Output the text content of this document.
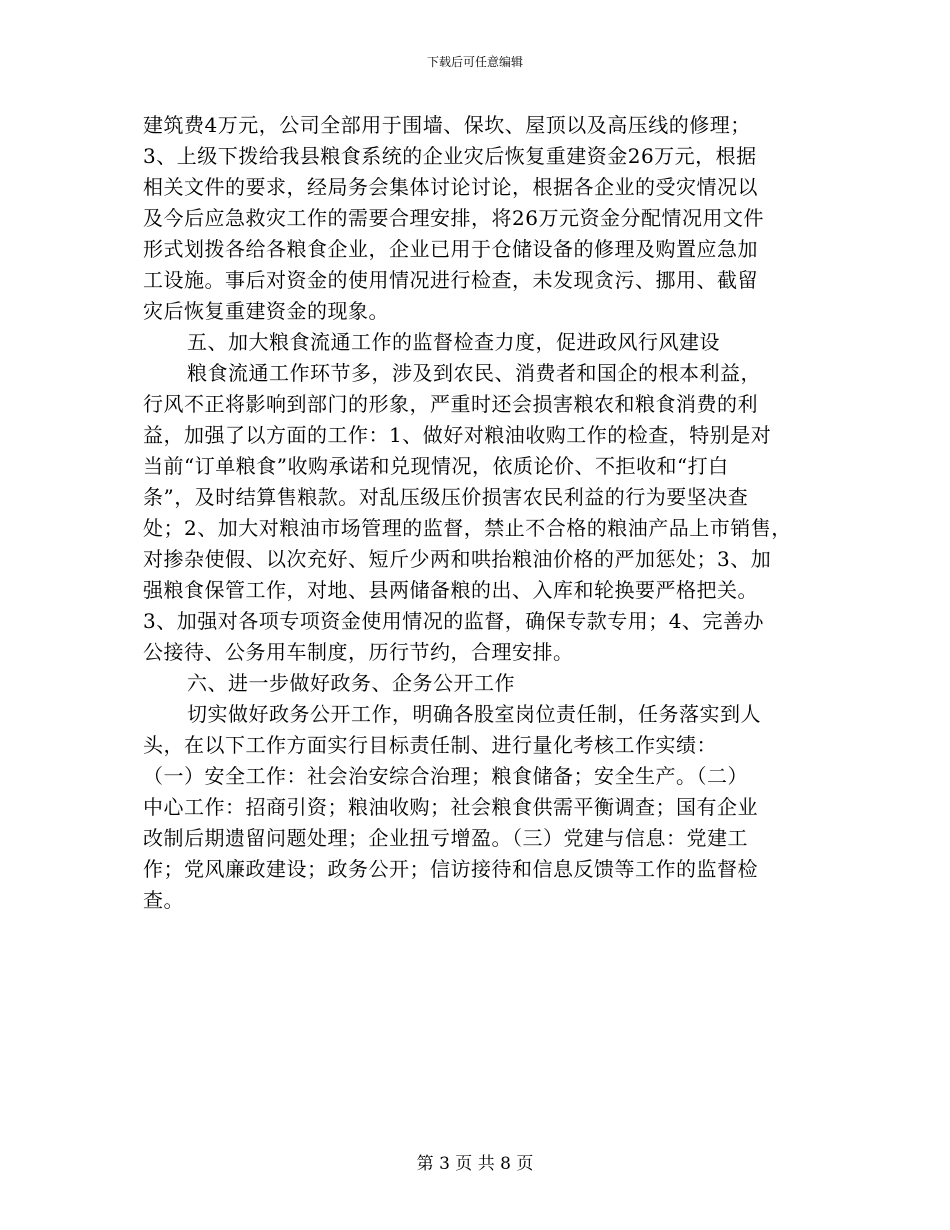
下载后可任意编辑
建筑费4万元，公司全部用于围墙、保坎、屋顶以及高压线的修理；
3、上级下拨给我县粮食系统的企业灾后恢复重建资金26万元，根据
相关文件的要求，经局务会集体讨论讨论，根据各企业的受灾情况以
及今后应急救灾工作的需要合理安排，将26万元资金分配情况用文件
形式划拨各给各粮食企业，企业已用于仓储设备的修理及购置应急加
工设施。事后对资金的使用情况进行检查，未发现贪污、挪用、截留
灾后恢复重建资金的现象。
五、加大粮食流通工作的监督检查力度，促进政风行风建设
粮食流通工作环节多，涉及到农民、消费者和国企的根本利益，
行风不正将影响到部门的形象，严重时还会损害粮农和粮食消费的利
益，加强了以方面的工作：1、做好对粮油收购工作的检查，特别是对
当前“订单粮食”收购承诺和兑现情况，依质论价、不拒收和“打白
条”，及时结算售粮款。对乱压级压价损害农民利益的行为要坚决查
处；2、加大对粮油市场管理的监督，禁止不合格的粮油产品上市销售，
对掺杂使假、以次充好、短斤少两和哄抬粮油价格的严加惩处；3、加
强粮食保管工作，对地、县两储备粮的出、入库和轮换要严格把关。
3、加强对各项专项资金使用情况的监督，确保专款专用；4、完善办
公接待、公务用车制度，历行节约，合理安排。
六、进一步做好政务、企务公开工作
切实做好政务公开工作，明确各股室岗位责任制，任务落实到人
头，在以下工作方面实行目标责任制、进行量化考核工作实绩：
（一）安全工作：社会治安综合治理；粮食储备；安全生产。（二）
中心工作：招商引资；粮油收购；社会粮食供需平衡调查；国有企业
改制后期遗留问题处理；企业扭亏增盈。（三）党建与信息：党建工
作；党风廉政建设；政务公开；信访接待和信息反馈等工作的监督检
查。
第 3 页 共 8 页
